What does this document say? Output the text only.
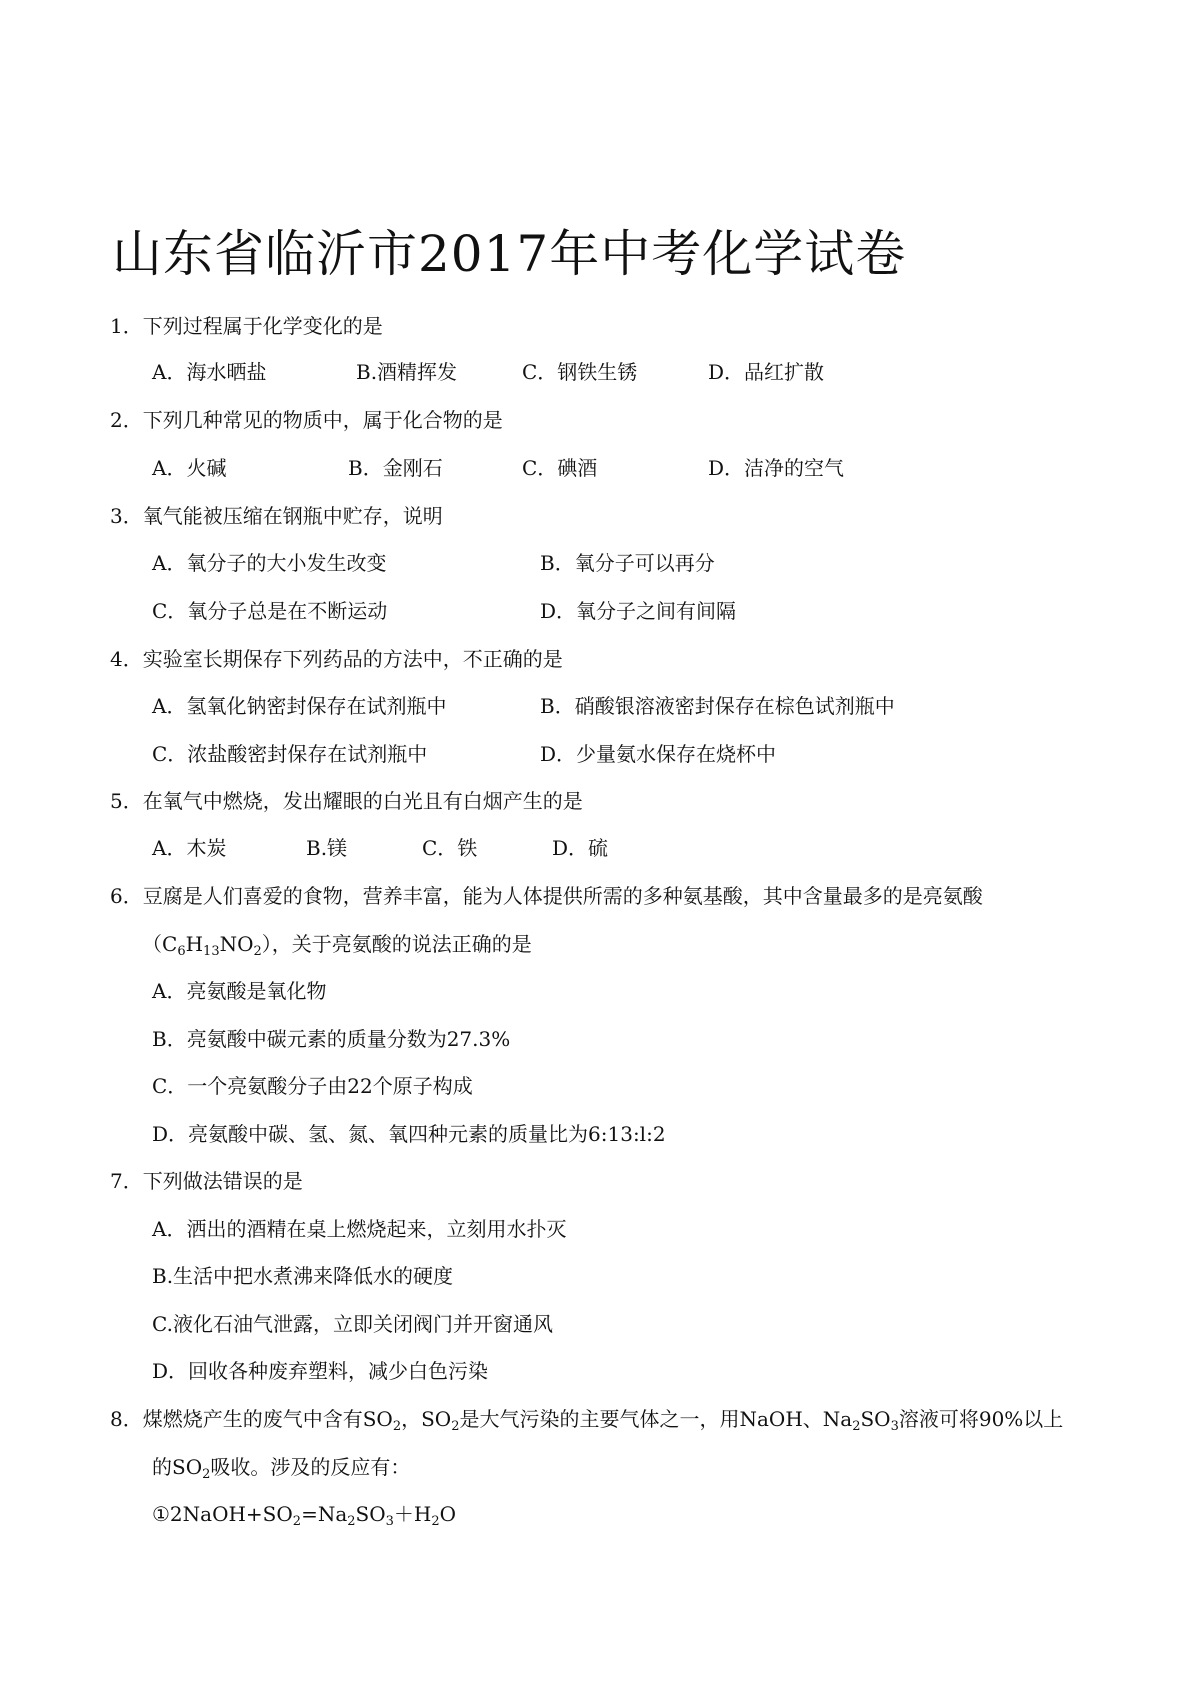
山东省临沂市2017年中考化学试卷
1．下列过程属于化学变化的是
A．海水晒盐	B.酒精挥发	C．钢铁生锈	D．品红扩散
2．下列几种常见的物质中，属于化合物的是
A．火碱	B．金刚石	C．碘酒	D．洁净的空气
3．氧气能被压缩在钢瓶中贮存，说明
A．氧分子的大小发生改变	B．氧分子可以再分
C．氧分子总是在不断运动	D．氧分子之间有间隔
4．实验室长期保存下列药品的方法中，不正确的是
A．氢氧化钠密封保存在试剂瓶中	B．硝酸银溶液密封保存在棕色试剂瓶中
C．浓盐酸密封保存在试剂瓶中	D．少量氨水保存在烧杯中
5．在氧气中燃烧，发出耀眼的白光且有白烟产生的是
A．木炭	B.镁	C．铁	D．硫
6．豆腐是人们喜爱的食物，营养丰富，能为人体提供所需的多种氨基酸，其中含量最多的是亮氨酸
$(C_6H_{13}NO_2)$，关于亮氨酸的说法正确的是
A．亮氨酸是氧化物
B．亮氨酸中碳元素的质量分数为27.3%
C．一个亮氨酸分子由22个原子构成
D．亮氨酸中碳、氢、氮、氧四种元素的质量比为6:13:l:2
7．下列做法错误的是
A．洒出的酒精在桌上燃烧起来，立刻用水扑灭
B.生活中把水煮沸来降低水的硬度
C.液化石油气泄露，立即关闭阀门并开窗通风
D．回收各种废弃塑料，减少白色污染
8．煤燃烧产生的废气中含有$SO_2$，$SO_2$是大气污染的主要气体之一，用NaOH、$Na_2SO_3$溶液可将90%以上
的$SO_2$吸收。涉及的反应有：
$①2NaOH+SO_2=Na_2SO_3+H_2O$
